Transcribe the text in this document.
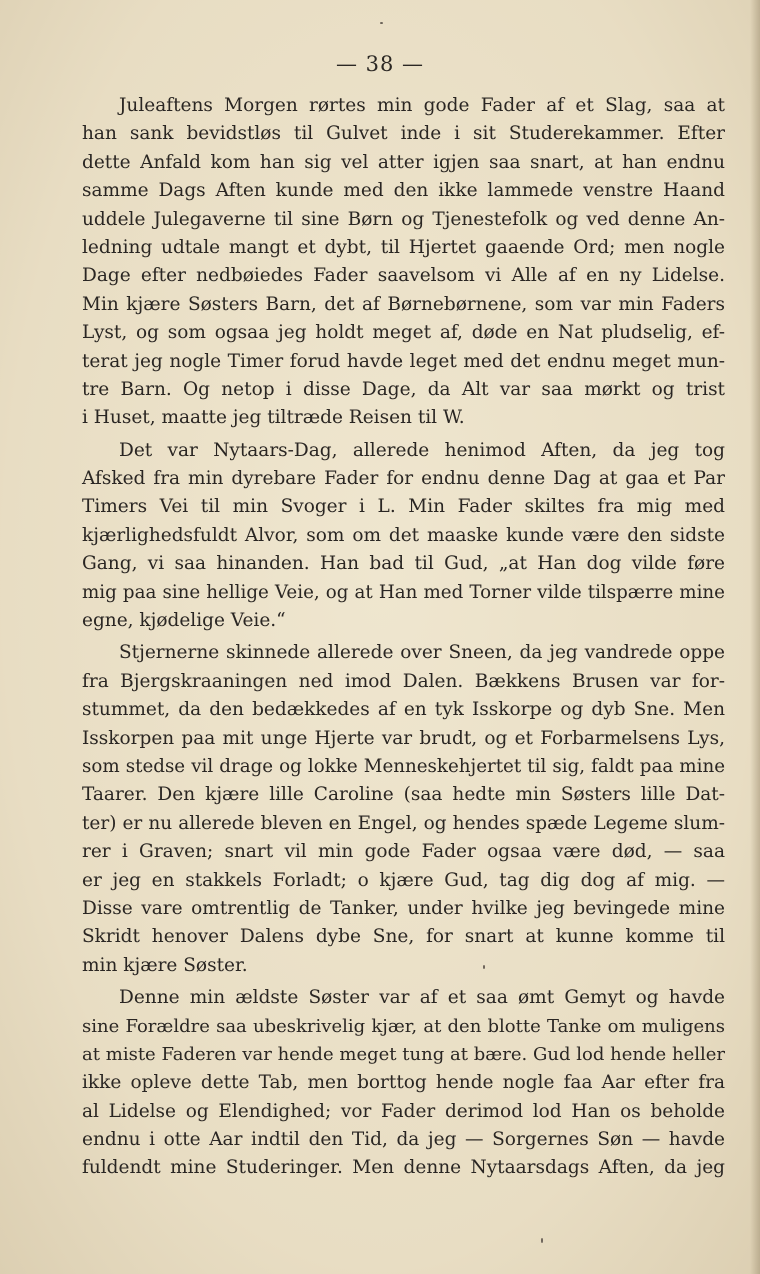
— 38 —
Juleaftens Morgen rørtes min gode Fader af et Slag, saa at
han sank bevidstløs til Gulvet inde i sit Studerekammer. Efter
dette Anfald kom han sig vel atter igjen saa snart, at han endnu
samme Dags Aften kunde med den ikke lammede venstre Haand
uddele Julegaverne til sine Børn og Tjenestefolk og ved denne An-
ledning udtale mangt et dybt, til Hjertet gaaende Ord; men nogle
Dage efter nedbøiedes Fader saavelsom vi Alle af en ny Lidelse.
Min kjære Søsters Barn, det af Børnebørnene, som var min Faders
Lyst, og som ogsaa jeg holdt meget af, døde en Nat pludselig, ef-
terat jeg nogle Timer forud havde leget med det endnu meget mun-
tre Barn. Og netop i disse Dage, da Alt var saa mørkt og trist
i Huset, maatte jeg tiltræde Reisen til W.
Det var Nytaars-Dag, allerede henimod Aften, da jeg tog
Afsked fra min dyrebare Fader for endnu denne Dag at gaa et Par
Timers Vei til min Svoger i L. Min Fader skiltes fra mig med
kjærlighedsfuldt Alvor, som om det maaske kunde være den sidste
Gang, vi saa hinanden. Han bad til Gud, „at Han dog vilde føre
mig paa sine hellige Veie, og at Han med Torner vilde tilspærre mine
egne, kjødelige Veie.“
Stjernerne skinnede allerede over Sneen, da jeg vandrede oppe
fra Bjergskraaningen ned imod Dalen. Bækkens Brusen var for-
stummet, da den bedækkedes af en tyk Isskorpe og dyb Sne. Men
Isskorpen paa mit unge Hjerte var brudt, og et Forbarmelsens Lys,
som stedse vil drage og lokke Menneskehjertet til sig, faldt paa mine
Taarer. Den kjære lille Caroline (saa hedte min Søsters lille Dat-
ter) er nu allerede bleven en Engel, og hendes spæde Legeme slum-
rer i Graven; snart vil min gode Fader ogsaa være død, — saa
er jeg en stakkels Forladt; o kjære Gud, tag dig dog af mig. —
Disse vare omtrentlig de Tanker, under hvilke jeg bevingede mine
Skridt henover Dalens dybe Sne, for snart at kunne komme til
min kjære Søster.
Denne min ældste Søster var af et saa ømt Gemyt og havde
sine Forældre saa ubeskrivelig kjær, at den blotte Tanke om muligens
at miste Faderen var hende meget tung at bære. Gud lod hende heller
ikke opleve dette Tab, men borttog hende nogle faa Aar efter fra
al Lidelse og Elendighed; vor Fader derimod lod Han os beholde
endnu i otte Aar indtil den Tid, da jeg — Sorgernes Søn — havde
fuldendt mine Studeringer. Men denne Nytaarsdags Aften, da jeg
